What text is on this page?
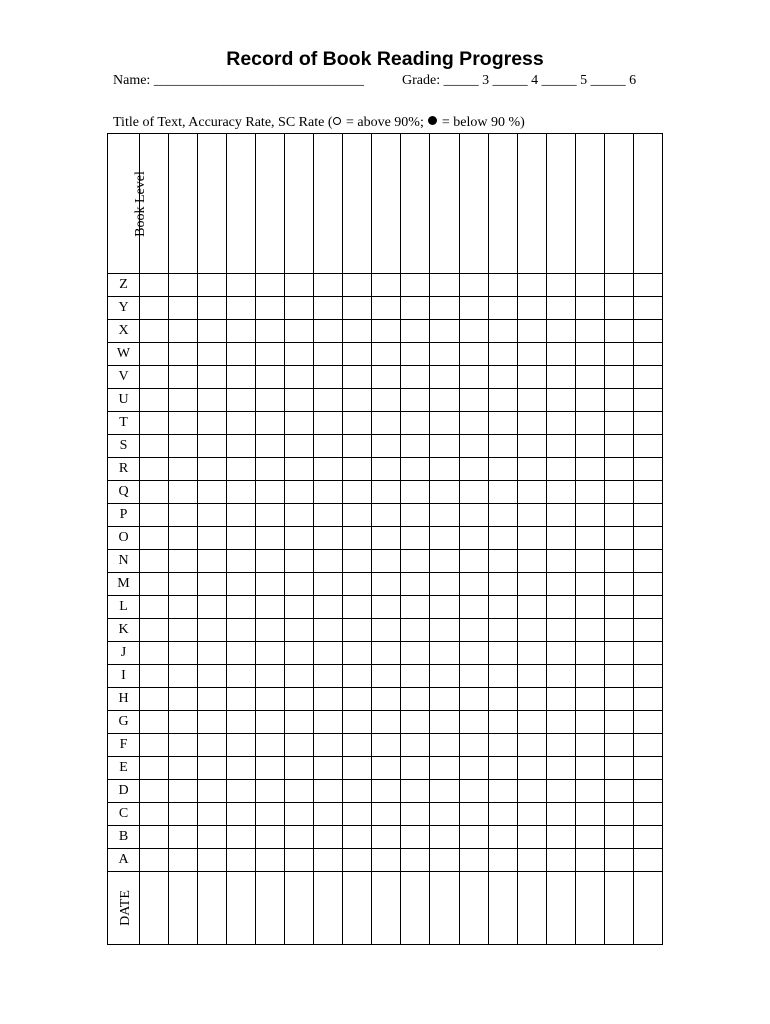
Record of Book Reading Progress
Name: ______________________________	Grade: _____ 3 _____ 4 _____ 5 _____ 6
Title of Text, Accuracy Rate, SC Rate ( = above 90%;  = below 90 %)
Book Level																		
Z																		
Y																		
X																		
W																		
V																		
U																		
T																		
S																		
R																		
Q																		
P																		
O																		
N																		
M																		
L																		
K																		
J																		
I																		
H																		
G																		
F																		
E																		
D																		
C																		
B																		
A																		
DATE																		
